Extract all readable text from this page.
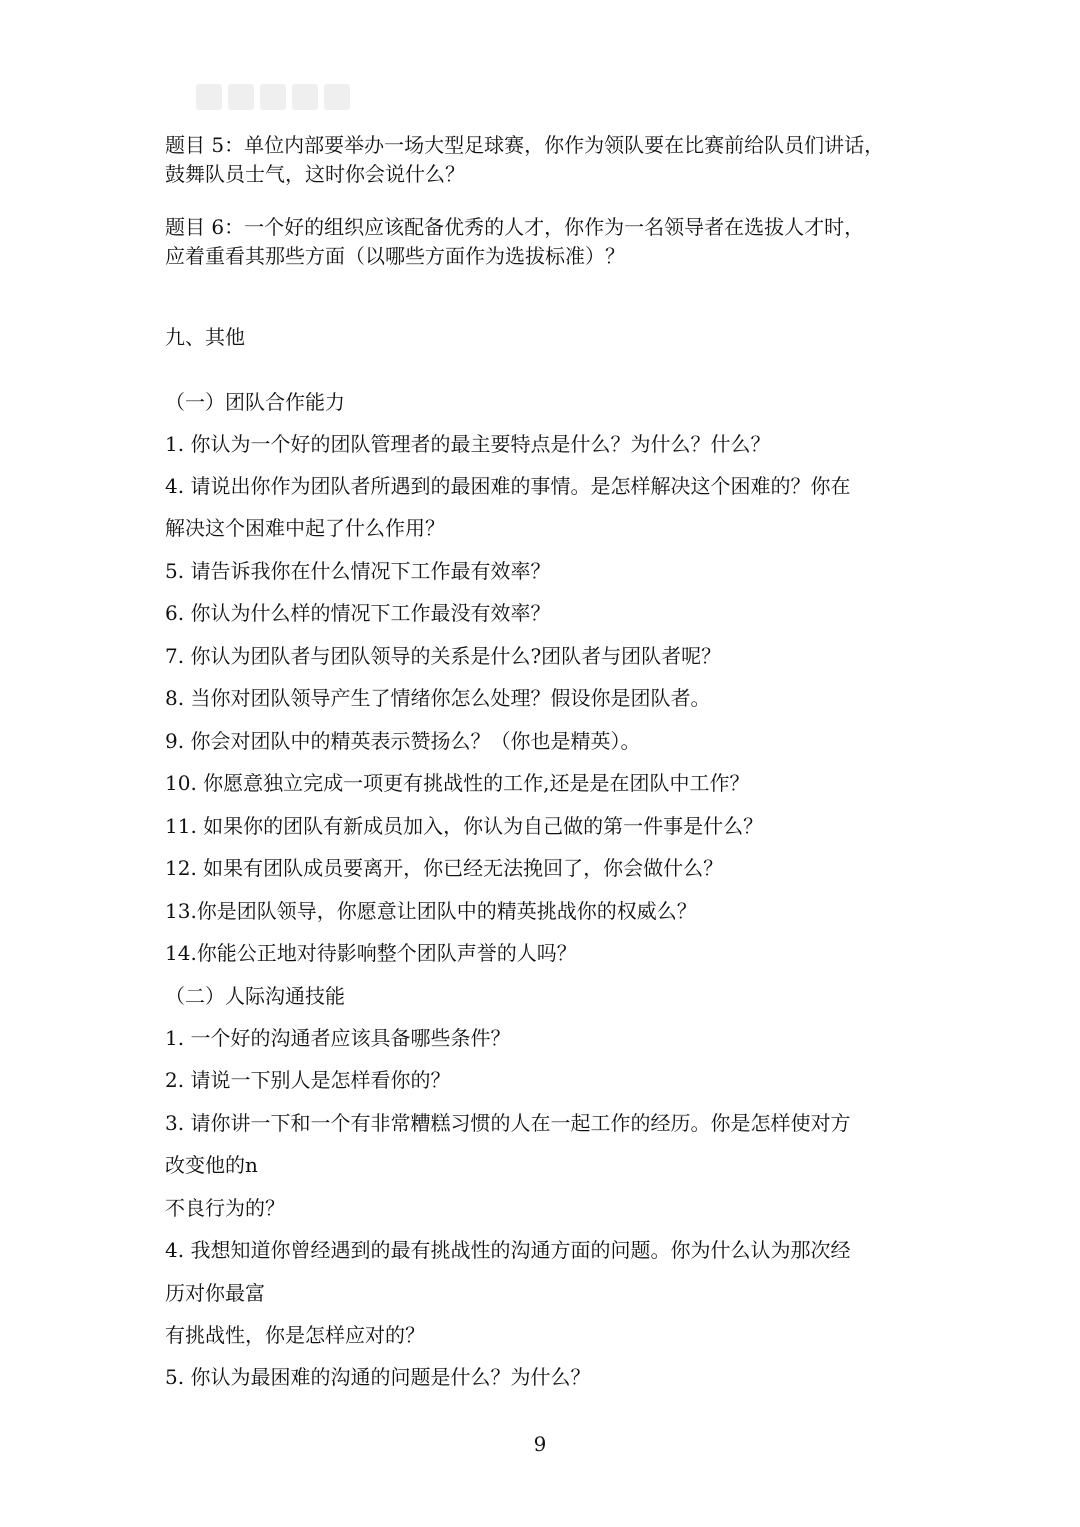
题目 5：单位内部要举办一场大型足球赛，你作为领队要在比赛前给队员们讲话，
鼓舞队员士气，这时你会说什么？
题目 6：一个好的组织应该配备优秀的人才，你作为一名领导者在选拔人才时，
应着重看其那些方面（以哪些方面作为选拔标准）？
九、其他
（一）团队合作能力
1. 你认为一个好的团队管理者的最主要特点是什么？为什么？什么？
4. 请说出你作为团队者所遇到的最困难的事情。是怎样解决这个困难的？你在
解决这个困难中起了什么作用？
5. 请告诉我你在什么情况下工作最有效率？
6. 你认为什么样的情况下工作最没有效率？
7. 你认为团队者与团队领导的关系是什么?团队者与团队者呢？
8. 当你对团队领导产生了情绪你怎么处理？假设你是团队者。
9. 你会对团队中的精英表示赞扬么？（你也是精英）。
10. 你愿意独立完成一项更有挑战性的工作,还是是在团队中工作？
11. 如果你的团队有新成员加入，你认为自己做的第一件事是什么？
12. 如果有团队成员要离开，你已经无法挽回了，你会做什么？
13.你是团队领导，你愿意让团队中的精英挑战你的权威么？
14.你能公正地对待影响整个团队声誉的人吗？
（二）人际沟通技能
1. 一个好的沟通者应该具备哪些条件？
2. 请说一下别人是怎样看你的？
3. 请你讲一下和一个有非常糟糕习惯的人在一起工作的经历。你是怎样使对方
改变他的n
不良行为的？
4. 我想知道你曾经遇到的最有挑战性的沟通方面的问题。你为什么认为那次经
历对你最富
有挑战性，你是怎样应对的？
5. 你认为最困难的沟通的问题是什么？为什么？
9
